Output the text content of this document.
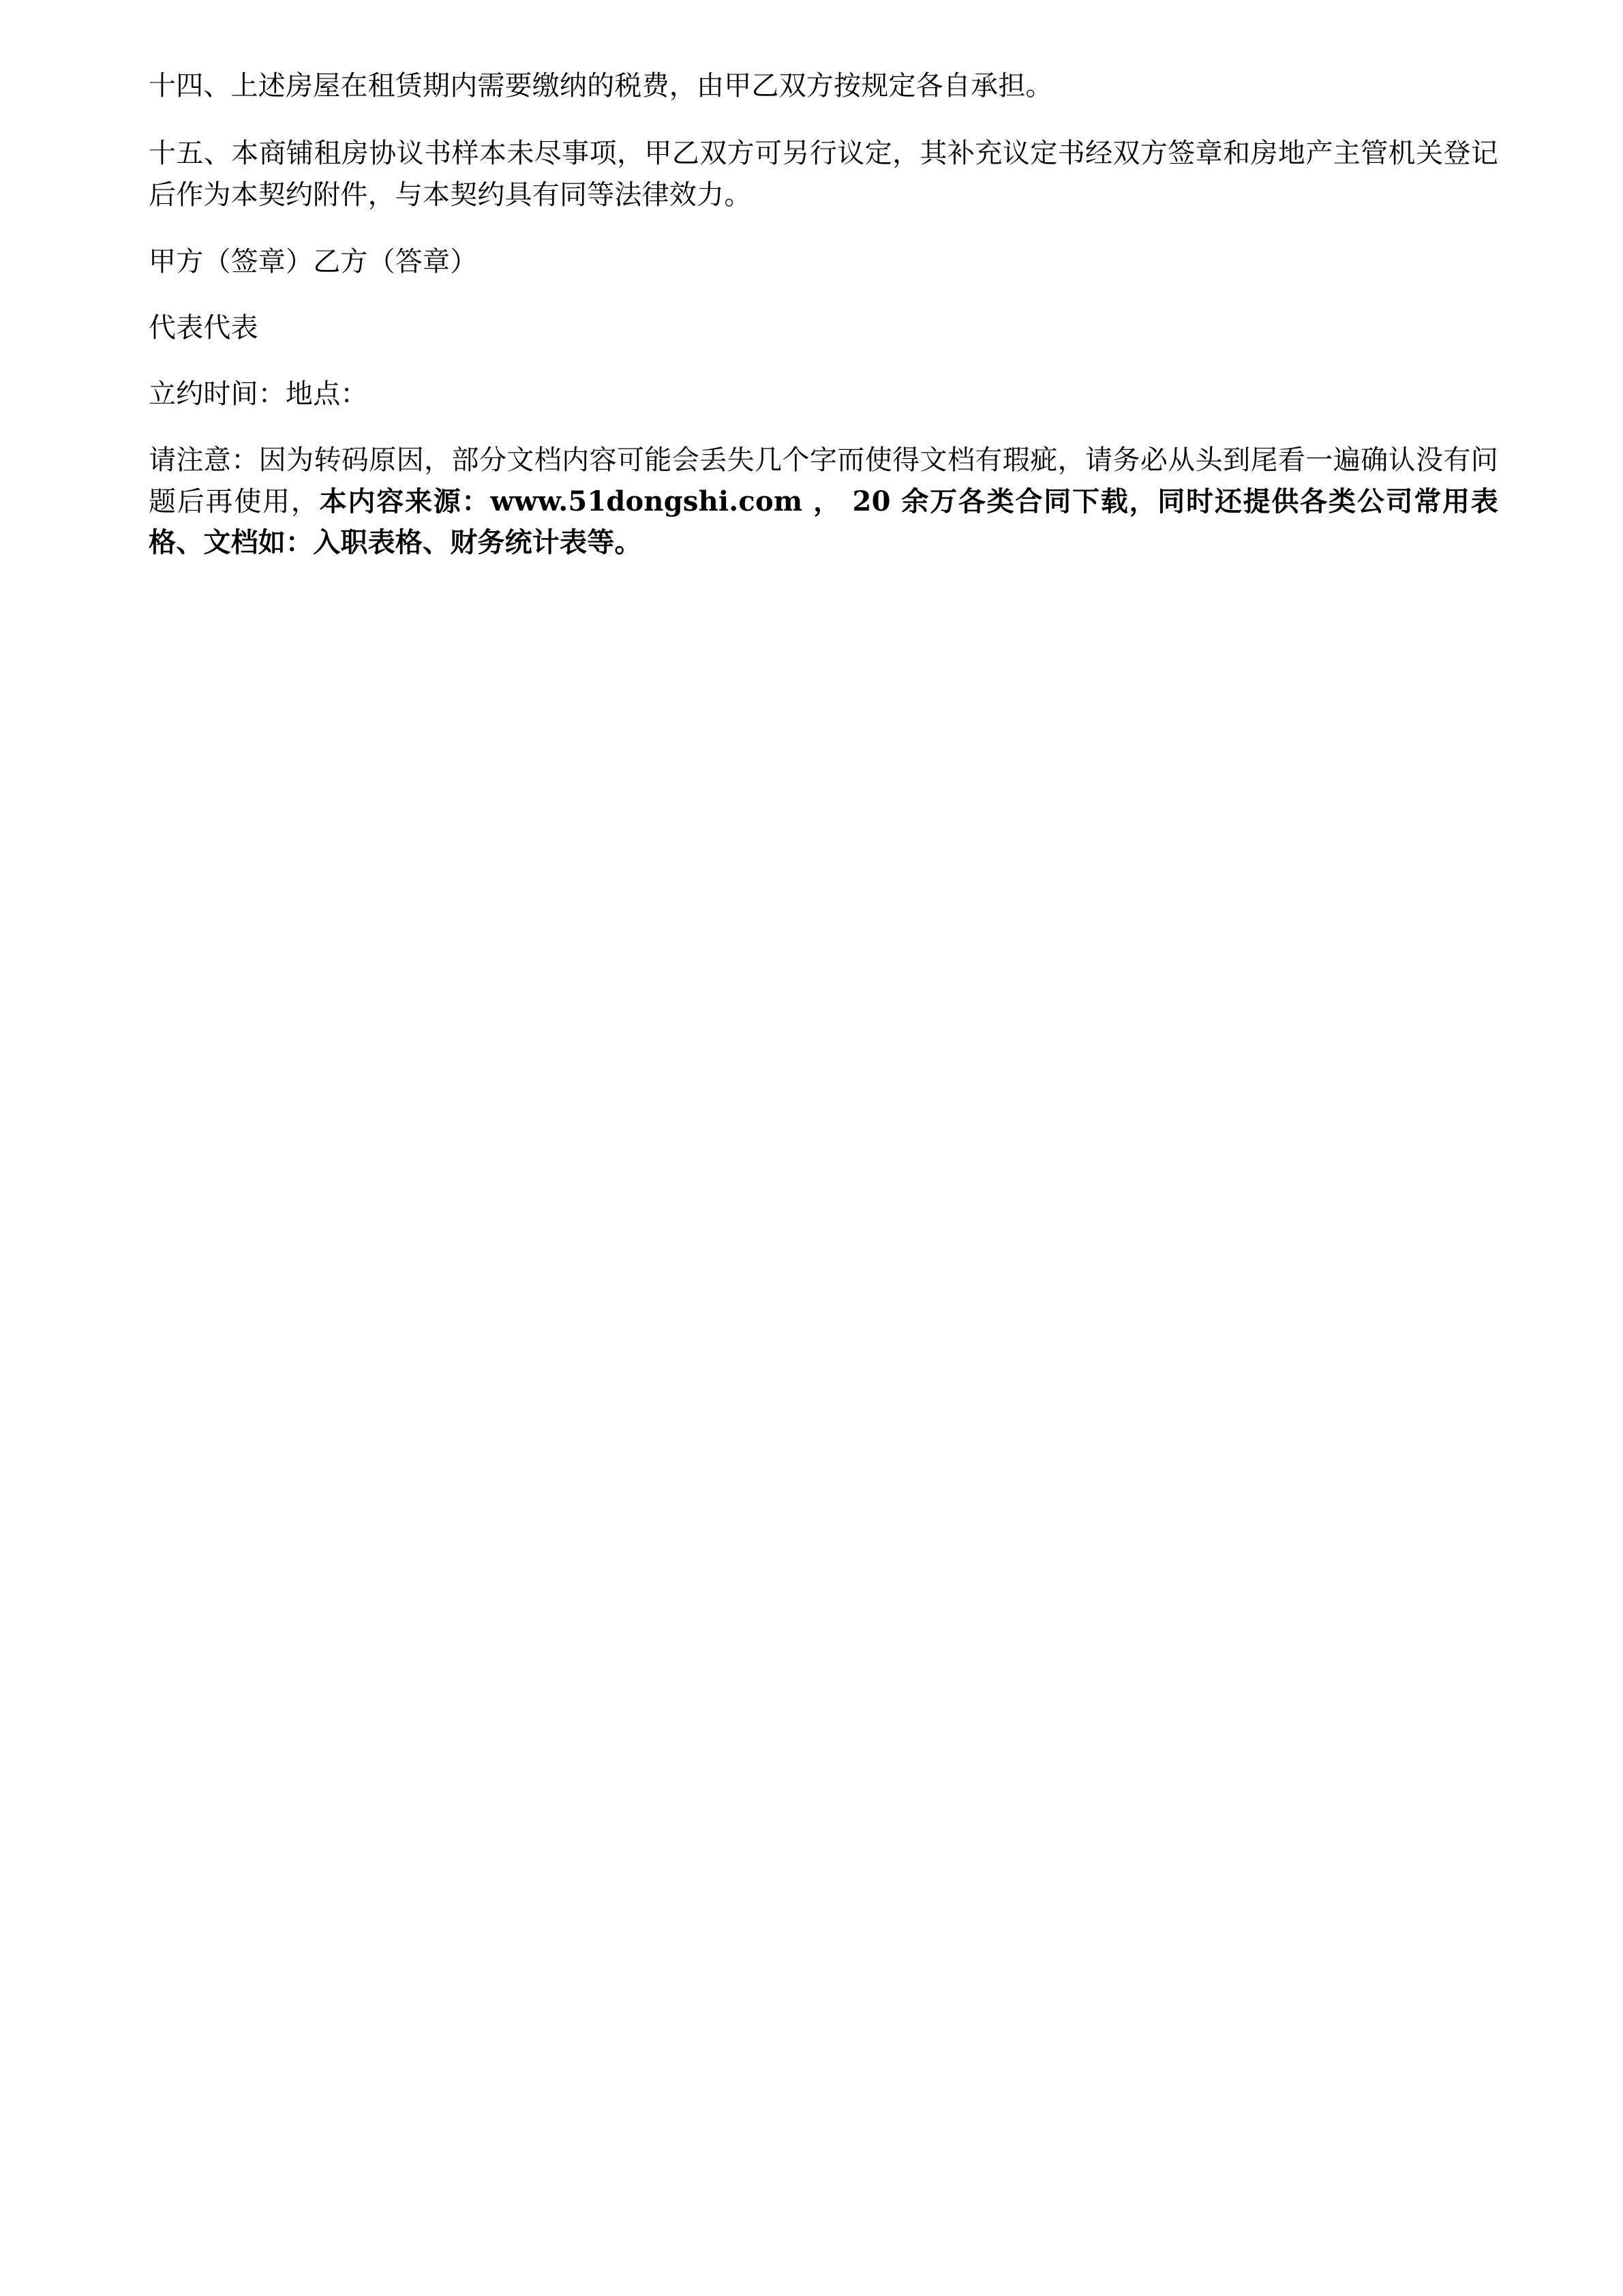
十四、上述房屋在租赁期内需要缴纳的税费，由甲乙双方按规定各自承担。

十五、本商铺租房协议书样本未尽事项，甲乙双方可另行议定，其补充议定书经双方签章和房地产主管机关登记后作为本契约附件，与本契约具有同等法律效力。

甲方（签章）乙方（答章）

代表代表

立约时间：地点：

请注意：因为转码原因，部分文档内容可能会丢失几个字而使得文档有瑕疵，请务必从头到尾看一遍确认没有问题后再使用，本内容来源：www.51dongshi.com ， 20 余万各类合同下载，同时还提供各类公司常用表格、文档如：入职表格、财务统计表等。
